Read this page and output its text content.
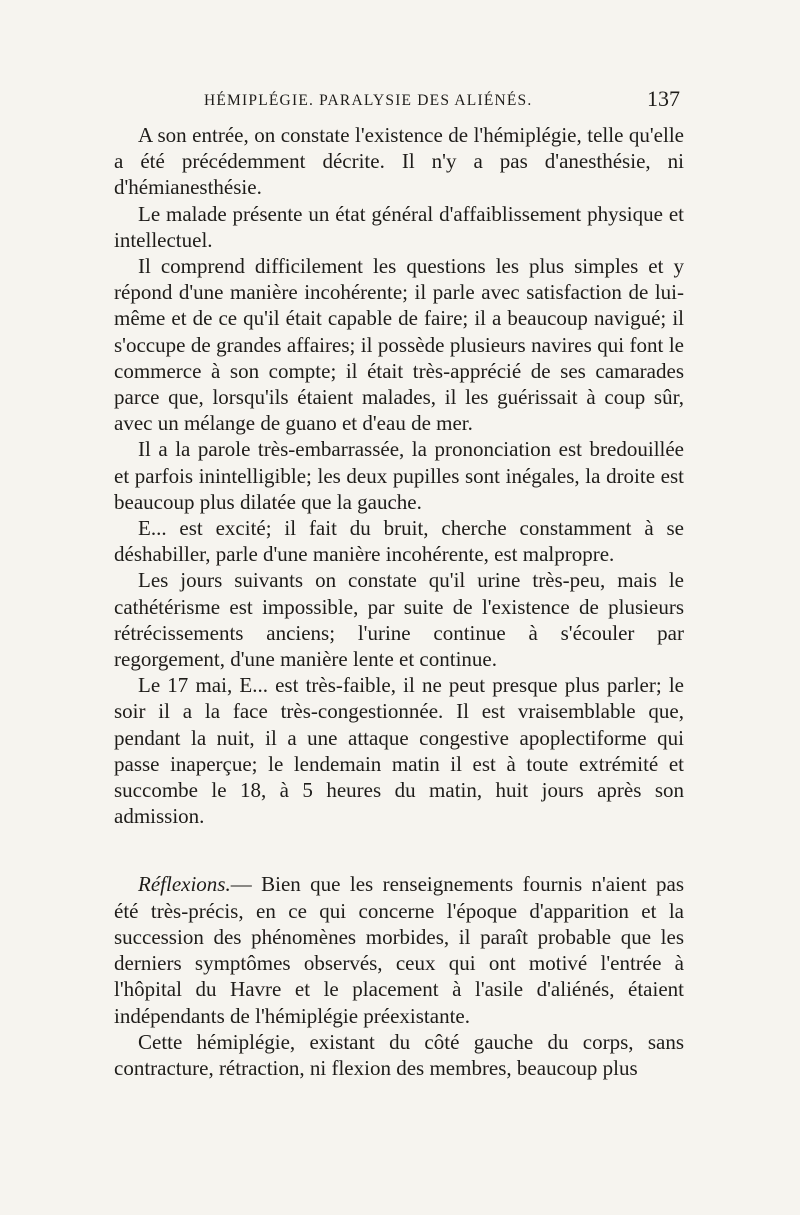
HÉMIPLÉGIE. PARALYSIE DES ALIÉNÉS.	137

A son entrée, on constate l'existence de l'hémiplégie, telle qu'elle a été précédemment décrite. Il n'y a pas d'anesthésie, ni d'hémianesthésie.

Le malade présente un état général d'affaiblissement physique et intellectuel.

Il comprend difficilement les questions les plus simples et y répond d'une manière incohérente; il parle avec satisfaction de lui-même et de ce qu'il était capable de faire; il a beaucoup navigué; il s'occupe de grandes affaires; il possède plusieurs navires qui font le commerce à son compte; il était très-apprécié de ses camarades parce que, lorsqu'ils étaient malades, il les guérissait à coup sûr, avec un mélange de guano et d'eau de mer.

Il a la parole très-embarrassée, la prononciation est bredouillée et parfois inintelligible; les deux pupilles sont inégales, la droite est beaucoup plus dilatée que la gauche.

E... est excité; il fait du bruit, cherche constamment à se déshabiller, parle d'une manière incohérente, est malpropre.

Les jours suivants on constate qu'il urine très-peu, mais le cathétérisme est impossible, par suite de l'existence de plusieurs rétrécissements anciens; l'urine continue à s'écouler par regorgement, d'une manière lente et continue.

Le 17 mai, E... est très-faible, il ne peut presque plus parler; le soir il a la face très-congestionnée. Il est vraisemblable que, pendant la nuit, il a une attaque congestive apoplectiforme qui passe inaperçue; le lendemain matin il est à toute extrémité et succombe le 18, à 5 heures du matin, huit jours après son admission.

Réflexions.— Bien que les renseignements fournis n'aient pas été très-précis, en ce qui concerne l'époque d'apparition et la succession des phénomènes morbides, il paraît probable que les derniers symptômes observés, ceux qui ont motivé l'entrée à l'hôpital du Havre et le placement à l'asile d'aliénés, étaient indépendants de l'hémiplégie préexistante.

Cette hémiplégie, existant du côté gauche du corps, sans contracture, rétraction, ni flexion des membres, beaucoup plus
